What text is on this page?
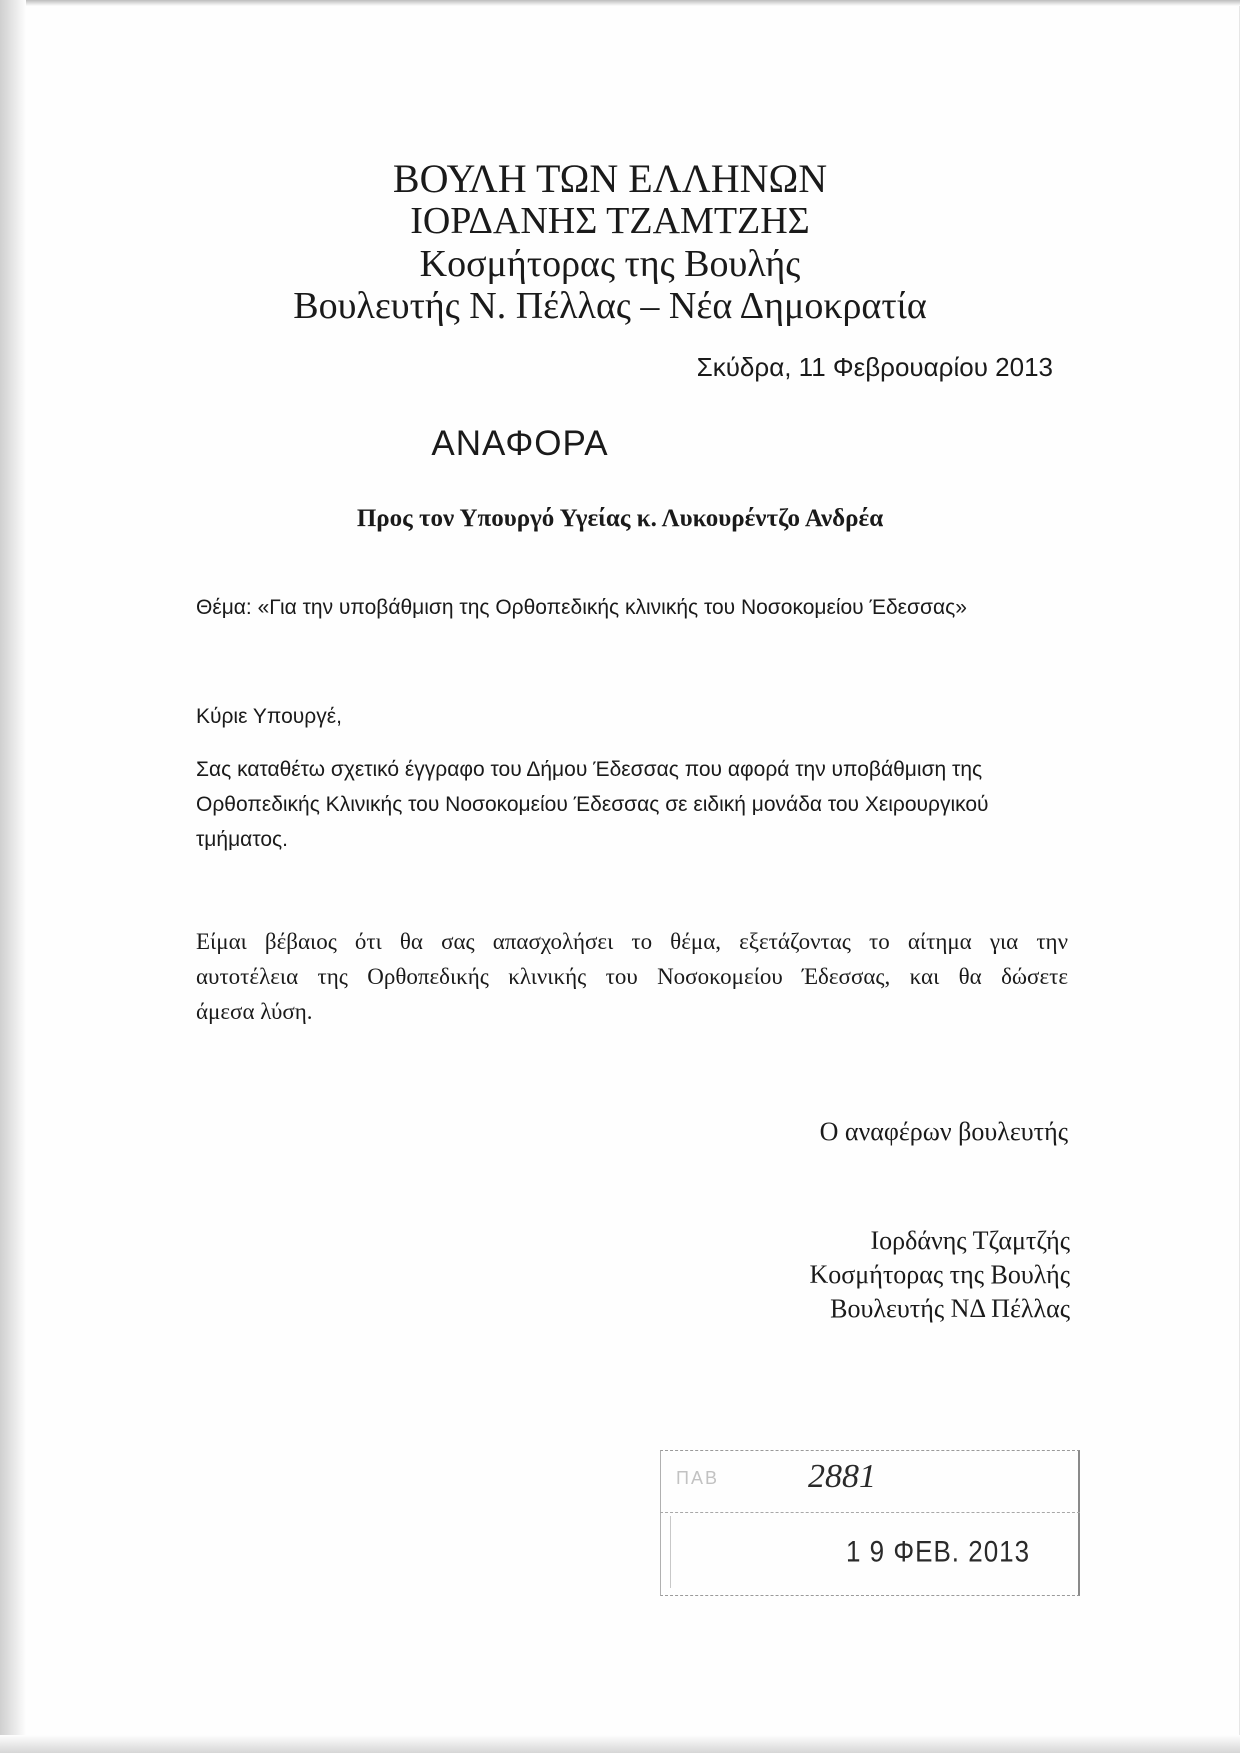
ΒΟΥΛΗ ΤΩΝ ΕΛΛΗΝΩΝ
ΙΟΡΔΑΝΗΣ ΤΖΑΜΤΖΗΣ
Κοσμήτορας της Βουλής
Βουλευτής Ν. Πέλλας – Νέα Δημοκρατία
Σκύδρα, 11 Φεβρουαρίου 2013
ΑΝΑΦΟΡΑ
Προς τον Υπουργό Υγείας κ. Λυκουρέντζο Ανδρέα
Θέμα: «Για την υποβάθμιση της Ορθοπεδικής κλινικής του Νοσοκομείου Έδεσσας»
Κύριε Υπουργέ,
Σας καταθέτω σχετικό έγγραφο του Δήμου Έδεσσας που αφορά την υποβάθμιση της
Ορθοπεδικής Κλινικής του Νοσοκομείου Έδεσσας σε ειδική μονάδα του Χειρουργικού
τμήματος.
Είμαι βέβαιος ότι θα σας απασχολήσει το θέμα, εξετάζοντας το αίτημα για την
αυτοτέλεια της Ορθοπεδικής κλινικής του Νοσοκομείου Έδεσσας, και θα δώσετε
άμεσα λύση.
Ο αναφέρων βουλευτής
Ιορδάνης Τζαμτζής
Κοσμήτορας της Βουλής
Βουλευτής ΝΔ Πέλλας
ΠΑΒ	2881
1 9 ΦΕΒ. 2013
